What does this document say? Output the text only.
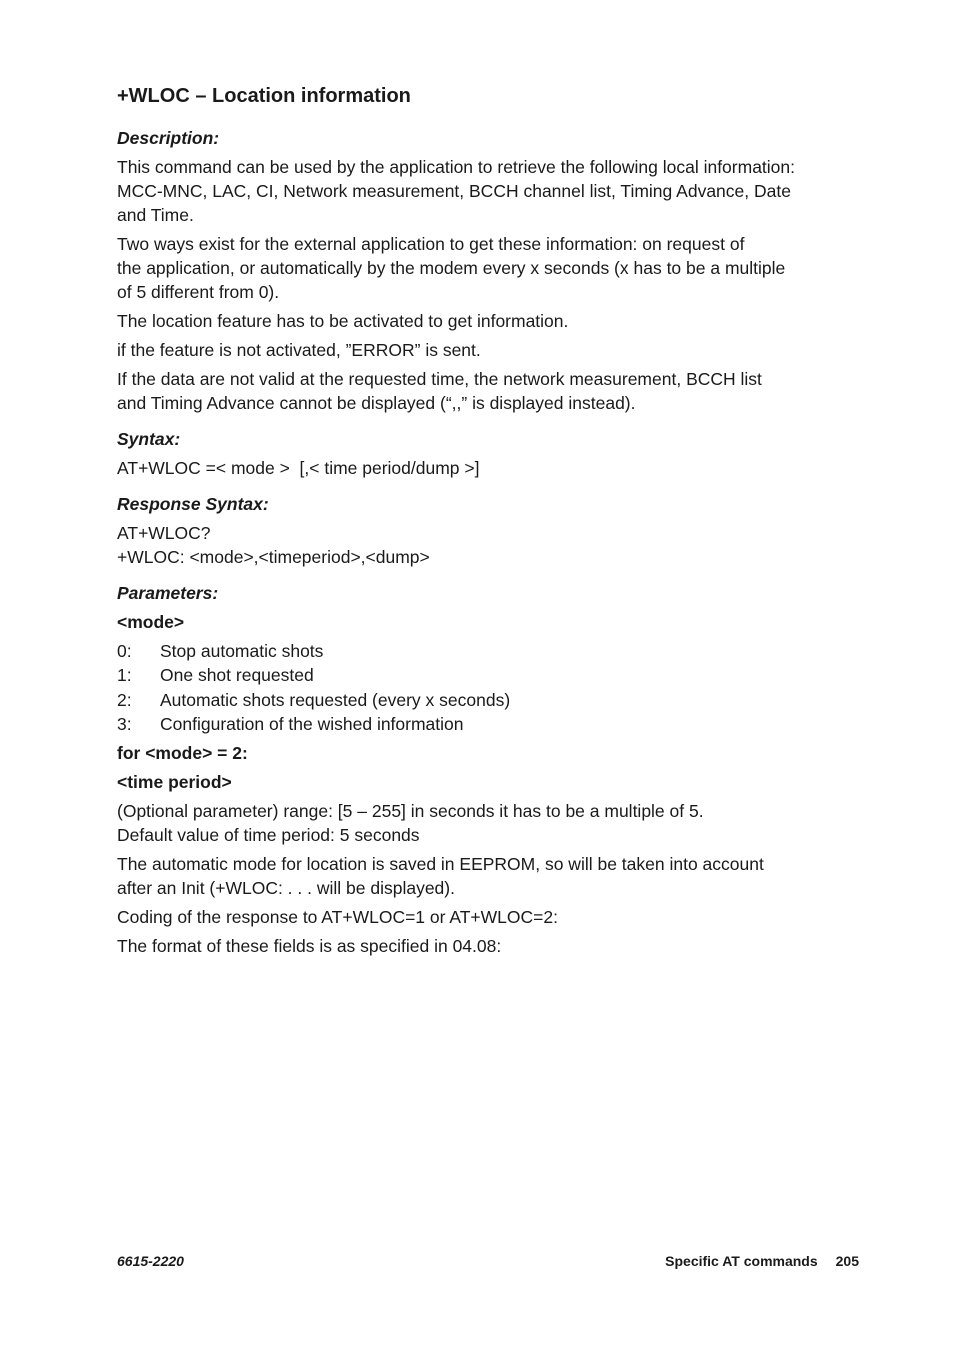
+WLOC – Location information
Description:
This command can be used by the application to retrieve the following local information:
MCC-MNC, LAC, CI, Network measurement, BCCH channel list, Timing Advance, Date
and Time.
Two ways exist for the external application to get these information: on request of
the application, or automatically by the modem every x seconds (x has to be a multiple
of 5 different from 0).
The location feature has to be activated to get information.
if the feature is not activated, ”ERROR” is sent.
If the data are not valid at the requested time, the network measurement, BCCH list
and Timing Advance cannot be displayed (“,,” is displayed instead).
Syntax:
AT+WLOC =< mode >  [,< time period/dump >]
Response Syntax:
AT+WLOC?
+WLOC: <mode>,<timeperiod>,<dump>
Parameters:
<mode>
0:	Stop automatic shots
1:	One shot requested
2:	Automatic shots requested (every x seconds)
3:	Configuration of the wished information
for <mode> = 2:
<time period>
(Optional parameter) range: [5 – 255] in seconds it has to be a multiple of 5.
Default value of time period: 5 seconds
The automatic mode for location is saved in EEPROM, so will be taken into account
after an Init (+WLOC: . . . will be displayed).
Coding of the response to AT+WLOC=1 or AT+WLOC=2:
The format of these fields is as specified in 04.08:
6615-2220	Specific AT commands 205
